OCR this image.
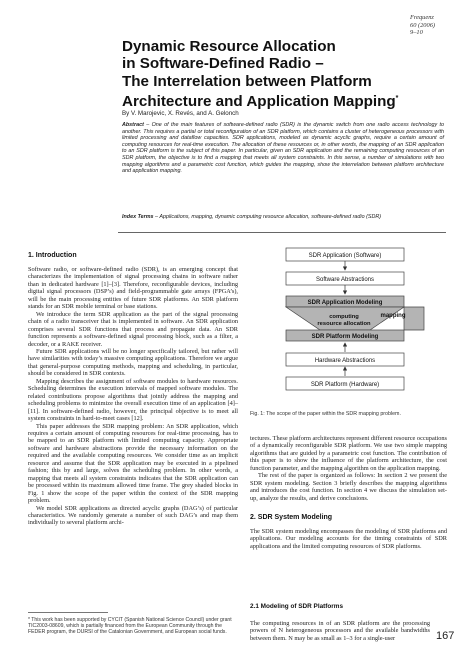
Frequenz
60 (2006)
9–10
Dynamic Resource Allocation
in Software-Defined Radio –
The Interrelation between Platform
Architecture and Application Mapping*
By V. Marojevic, X. Revés, and A. Gelonch
Abstract – One of the main features of software-defined radio (SDR) is the dynamic switch from one radio access technology to another. This requires a partial or total reconfiguration of an SDR platform, which contains a cluster of heterogeneous processors with limited processing and dataflow capacities. SDR applications, modeled as dynamic acyclic graphs, require a certain amount of computing resources for real-time execution. The allocation of these resources or, in other words, the mapping of an SDR application to an SDR platform is the subject of this paper. In particular, given an SDR application and the remaining computing resources of an SDR platform, the objective is to find a mapping that meets all system constraints. In this sense, a number of simulations with two mapping algorithms and a parametric cost function, which guides the mapping, show the interrelation between platform architecture and application mapping.
Index Terms – Applications, mapping, dynamic computing resource allocation, software-defined radio (SDR)
1. Introduction

Software radio, or software-defined radio (SDR), is an emerging concept that characterizes the implementation of signal processing chains in software rather than in dedicated hardware [1]–[3]. Therefore, reconfigurable devices, including digital signal processors (DSP’s) and field-programmable gate arrays (FPGA’s), will be the main processing entities of future SDR platforms. An SDR platform stands for an SDR mobile terminal or base stations.

We introduce the term SDR application as the part of the signal processing chain of a radio transceiver that is implemented in software. An SDR application comprises several SDR functions that process and propagate data. An SDR function represents a software-defined signal processing block, such as a filter, a decoder, or a RAKE receiver.

Future SDR applications will be no longer specifically tailored, but rather will have similarities with today’s massive computing applications. Therefore we argue that general-purpose computing methods, mapping and scheduling, in particular, should be considered in SDR contexts.

Mapping describes the assignment of software modules to hardware resources. Scheduling determines the execution intervals of mapped software modules. The related contributions propose algorithms that jointly address the mapping and scheduling problems to minimize the overall execution time of an application [4]–[11]. In software-defined radio, however, the principal objective is to meet all system constraints in hard-to-meet cases [12].

This paper addresses the SDR mapping problem: An SDR application, which requires a certain amount of computing resources for real-time processing, has to be mapped to an SDR platform with limited computing capacity. Appropriate software and hardware abstractions provide the necessary information on the required and the available computing resources. We consider time as an implicit resource and assume that the SDR application may be executed in a pipelined fashion; this by and large, solves the scheduling problem. In other words, a mapping that meets all system constraints indicates that the SDR application can be processed within its maximum allowed time frame. The grey shaded blocks in Fig. 1 show the scope of the paper within the context of the SDR mapping problem.

We model SDR applications as directed acyclic graphs (DAG’s) of particular characteristics. We randomly generate a number of such DAG’s and map them individually to several platform archi-

SDR Application (Software)
Software Abstractions
SDR Application Modeling
computing
resource allocation
mapping
SDR Platform Modeling
Hardware Abstractions
SDR Platform (Hardware)
Fig. 1: The scope of the paper within the SDR mapping problem.

tectures. These platform architectures represent different resource occupations of a dynamically reconfigurable SDR platform. We use two simple mapping algorithms that are guided by a parametric cost function. The contribution of this paper is to show the influence of the platform architecture, the cost function parameter, and the mapping algorithm on the application mapping.

The rest of the paper is organized as follows: In section 2 we present the SDR system modeling. Section 3 briefly describes the mapping algorithms and introduces the cost function. In section 4 we discuss the simulation set-up, analyze the results, and derive conclusions.

2. SDR System Modeling

The SDR system modeling encompasses the modeling of SDR platforms and applications. Our modeling accounts for the timing constraints of SDR applications and the limited computing resources of SDR platforms.

2.1 Modeling of SDR Platforms

The computing resources in of an SDR platform are the processing powers of N heterogeneous processors and the available bandwidths between them. N may be as small as 1–3 for a single-user

* This work has been supported by CYCIT (Spanish National Science Council) under grant TIC2003-08609, which is partially financed from the European Community through the FEDER program, the DURSI of the Catalonian Government, and European social funds.	167
